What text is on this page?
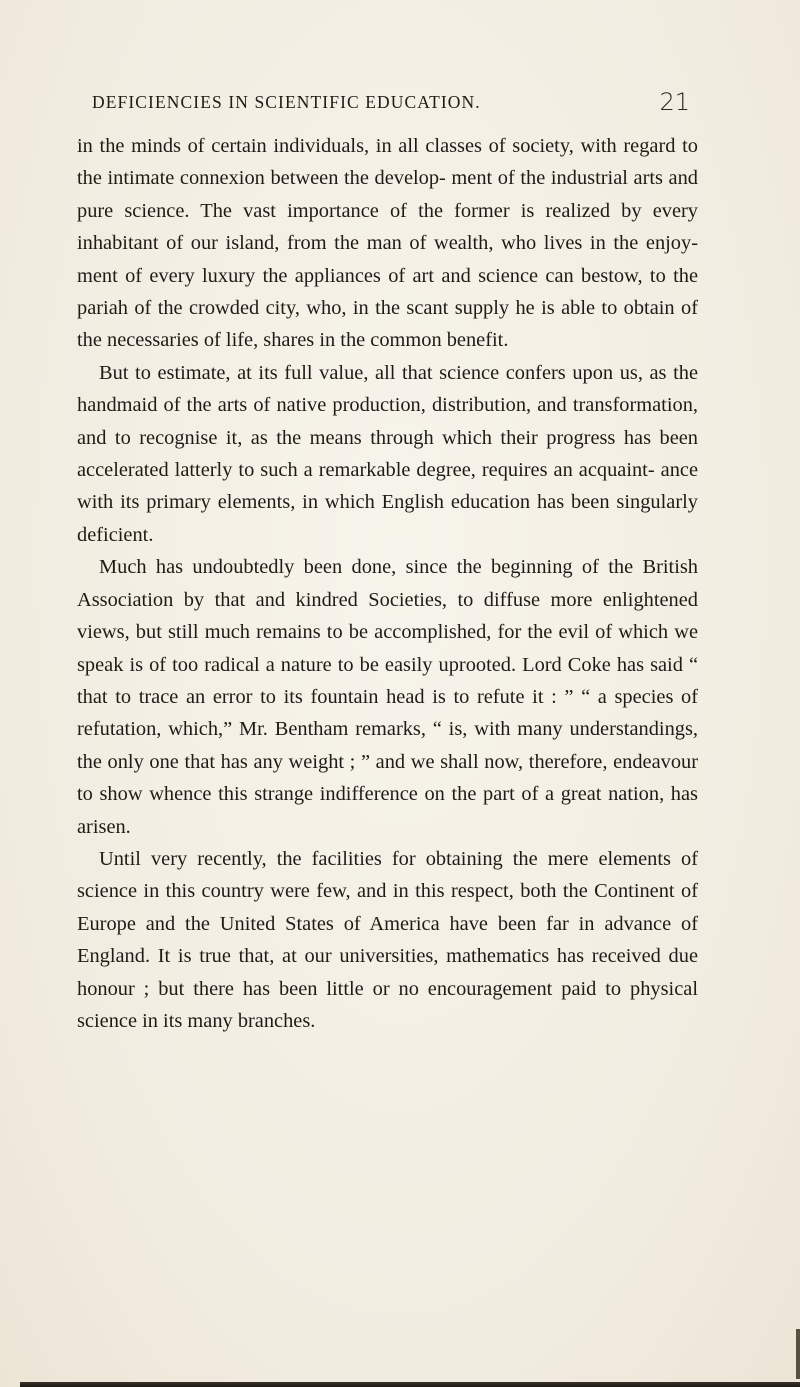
DEFICIENCIES IN SCIENTIFIC EDUCATION.	21

in the minds of certain individuals, in all classes of society, with regard to the intimate connexion between the develop- ment of the industrial arts and pure science. The vast importance of the former is realized by every inhabitant of our island, from the man of wealth, who lives in the enjoy- ment of every luxury the appliances of art and science can bestow, to the pariah of the crowded city, who, in the scant supply he is able to obtain of the necessaries of life, shares in the common benefit.

But to estimate, at its full value, all that science confers upon us, as the handmaid of the arts of native production, distribution, and transformation, and to recognise it, as the means through which their progress has been accelerated latterly to such a remarkable degree, requires an acquaint- ance with its primary elements, in which English education has been singularly deficient.

Much has undoubtedly been done, since the beginning of the British Association by that and kindred Societies, to diffuse more enlightened views, but still much remains to be accomplished, for the evil of which we speak is of too radical a nature to be easily uprooted. Lord Coke has said “ that to trace an error to its fountain head is to refute it : ” “ a species of refutation, which,” Mr. Bentham remarks, “ is, with many understandings, the only one that has any weight ; ” and we shall now, therefore, endeavour to show whence this strange indifference on the part of a great nation, has arisen.

Until very recently, the facilities for obtaining the mere elements of science in this country were few, and in this respect, both the Continent of Europe and the United States of America have been far in advance of England. It is true that, at our universities, mathematics has received due honour ; but there has been little or no encouragement paid to physical science in its many branches.
